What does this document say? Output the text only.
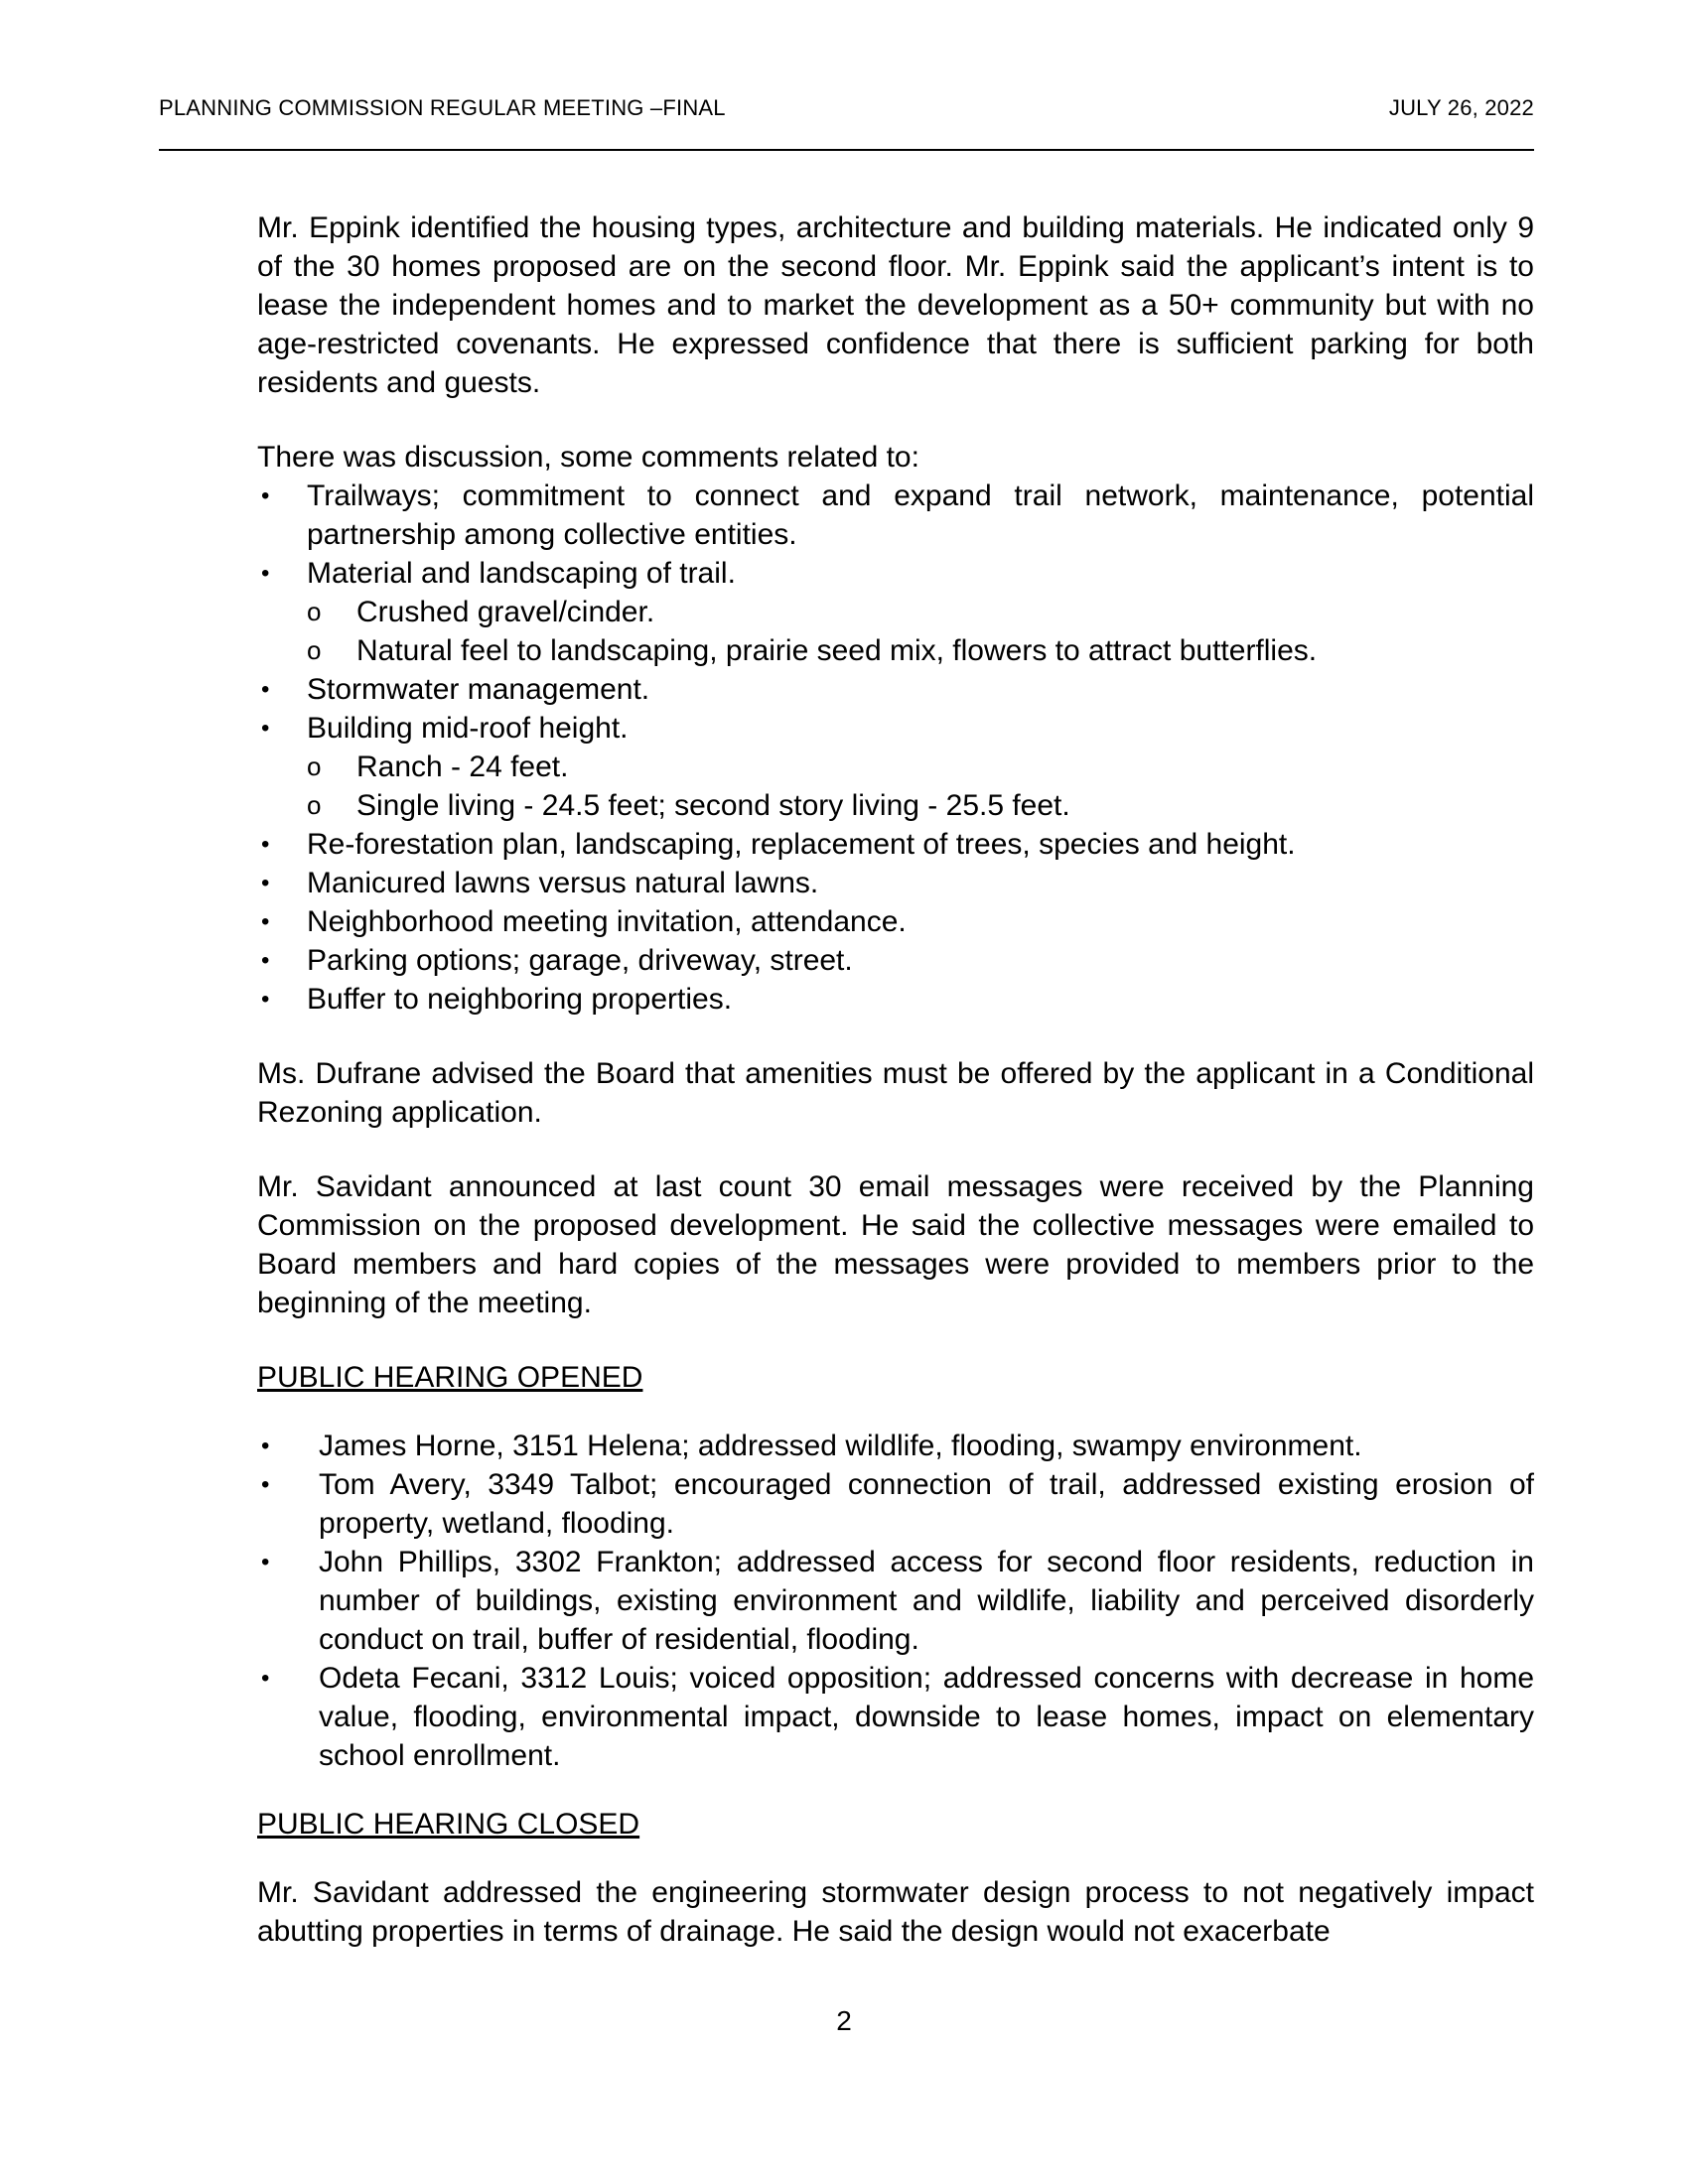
PLANNING COMMISSION REGULAR MEETING –FINAL	JULY 26, 2022

Mr. Eppink identified the housing types, architecture and building materials. He indicated only 9 of the 30 homes proposed are on the second floor. Mr. Eppink said the applicant’s intent is to lease the independent homes and to market the development as a 50+ community but with no age-restricted covenants. He expressed confidence that there is sufficient parking for both residents and guests.

There was discussion, some comments related to:

• Trailways; commitment to connect and expand trail network, maintenance, potential partnership among collective entities.
• Material and landscaping of trail.
o Crushed gravel/cinder.
o Natural feel to landscaping, prairie seed mix, flowers to attract butterflies.
• Stormwater management.
• Building mid-roof height.
o Ranch - 24 feet.
o Single living - 24.5 feet; second story living - 25.5 feet.
• Re-forestation plan, landscaping, replacement of trees, species and height.
• Manicured lawns versus natural lawns.
• Neighborhood meeting invitation, attendance.
• Parking options; garage, driveway, street.
• Buffer to neighboring properties.

Ms. Dufrane advised the Board that amenities must be offered by the applicant in a Conditional Rezoning application.

Mr. Savidant announced at last count 30 email messages were received by the Planning Commission on the proposed development. He said the collective messages were emailed to Board members and hard copies of the messages were provided to members prior to the beginning of the meeting.

PUBLIC HEARING OPENED
• James Horne, 3151 Helena; addressed wildlife, flooding, swampy environment.
• Tom Avery, 3349 Talbot; encouraged connection of trail, addressed existing erosion of property, wetland, flooding.
• John Phillips, 3302 Frankton; addressed access for second floor residents, reduction in number of buildings, existing environment and wildlife, liability and perceived disorderly conduct on trail, buffer of residential, flooding.
• Odeta Fecani, 3312 Louis; voiced opposition; addressed concerns with decrease in home value, flooding, environmental impact, downside to lease homes, impact on elementary school enrollment.
PUBLIC HEARING CLOSED

Mr. Savidant addressed the engineering stormwater design process to not negatively impact abutting properties in terms of drainage. He said the design would not exacerbate

2
